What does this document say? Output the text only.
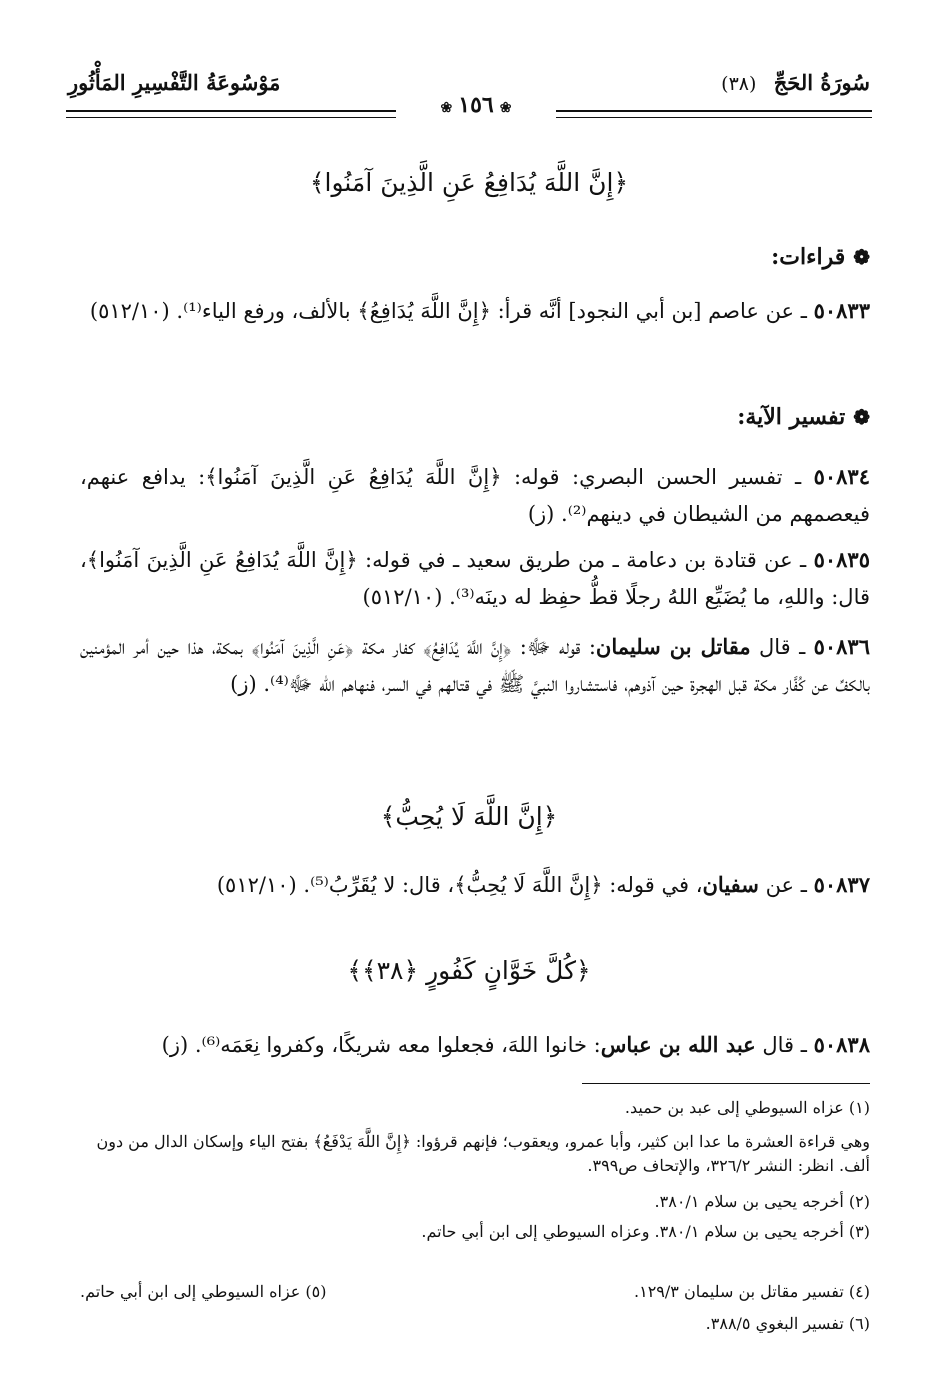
سُورَةُ الحَجِّ (٣٨)
مَوْسُوعَةُ التَّفْسِيرِ المَأْثُورِ
❀١٥٦❀
﴿إِنَّ اللَّهَ يُدَافِعُ عَنِ الَّذِينَ آمَنُوا﴾
❁قراءات:
٥٠٨٣٣ ـ عن عاصم [بن أبي النجود] أنَّه قرأ: ﴿إِنَّ اللَّهَ يُدَافِعُ﴾ بالألف، ورفع الياء⁽¹⁾. (٥١٢/١٠)
❁تفسير الآية:
٥٠٨٣٤ ـ تفسير الحسن البصري: قوله: ﴿إِنَّ اللَّهَ يُدَافِعُ عَنِ الَّذِينَ آمَنُوا﴾: يدافع عنهم، فيعصمهم من الشيطان في دينهم⁽²⁾. (ز)
٥٠٨٣٥ ـ عن قتادة بن دعامة ـ من طريق سعيد ـ في قوله: ﴿إِنَّ اللَّهَ يُدَافِعُ عَنِ الَّذِينَ آمَنُوا﴾، قال: واللهِ، ما يُضَيِّع اللهُ رجلًا قطُّ حفِظ له دينَه⁽³⁾. (٥١٢/١٠)
٥٠٨٣٦ ـ قال مقاتل بن سليمان: قوله ﷻ: ﴿إِنَّ اللَّهَ يُدَافِعُ﴾ كفار مكة ﴿عَنِ الَّذِينَ آمَنُوا﴾ بمكة، هذا حين أمر المؤمنين بالكفِّ عن كُفَّار مكة قبل الهجرة حين آذوهم، فاستشاروا النبيَّ ﷺ في قتالهم في السر، فنهاهم الله ﷻ⁽⁴⁾. (ز)
﴿إِنَّ اللَّهَ لَا يُحِبُّ﴾
٥٠٨٣٧ ـ عن سفيان، في قوله: ﴿إِنَّ اللَّهَ لَا يُحِبُّ﴾، قال: لا يُقَرِّبُ⁽⁵⁾. (٥١٢/١٠)
﴿كُلَّ خَوَّانٍ كَفُورٍ ﴿٣٨﴾﴾
٥٠٨٣٨ ـ قال عبد الله بن عباس: خانوا اللهَ، فجعلوا معه شريكًا، وكفروا نِعَمَه⁽⁶⁾. (ز)
(١) عزاه السيوطي إلى عبد بن حميد.
وهي قراءة العشرة ما عدا ابن كثير، وأبا عمرو، ويعقوب؛ فإنهم قرؤوا: ﴿إِنَّ اللَّهَ يَدْفَعُ﴾ بفتح الياء وإسكان الدال من دون ألف. انظر: النشر ٣٢٦/٢، والإتحاف ص٣٩٩.
(٢) أخرجه يحيى بن سلام ٣٨٠/١.
(٣) أخرجه يحيى بن سلام ٣٨٠/١. وعزاه السيوطي إلى ابن أبي حاتم.
(٤) تفسير مقاتل بن سليمان ١٢٩/٣.
(٥) عزاه السيوطي إلى ابن أبي حاتم.
(٦) تفسير البغوي ٣٨٨/٥.
